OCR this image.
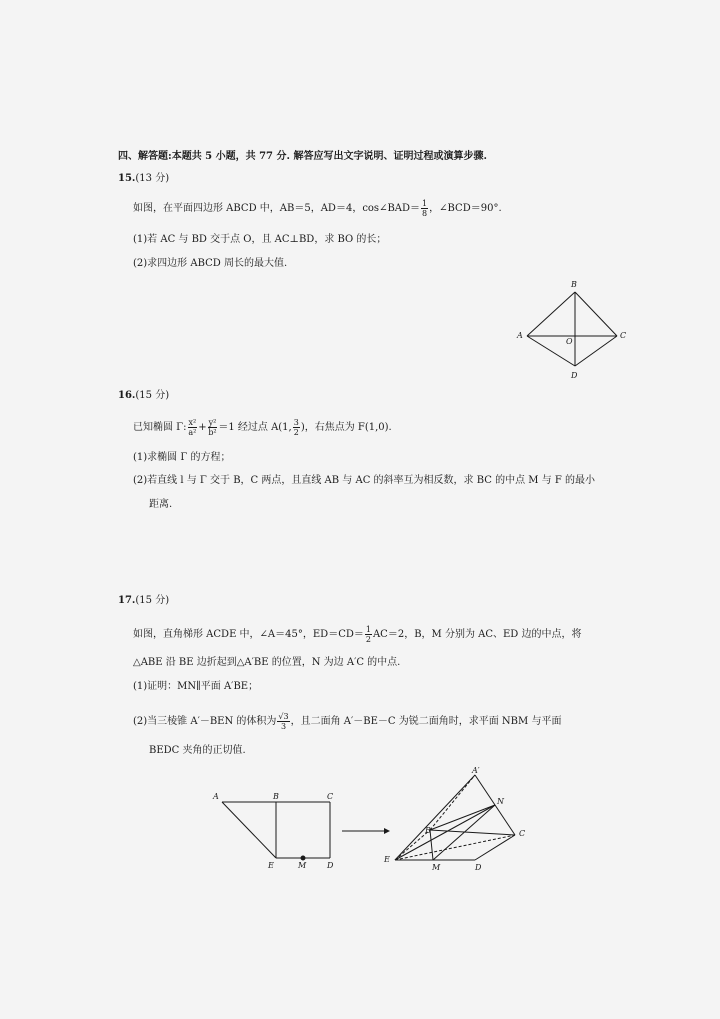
四、解答题:本题共 5 小题，共 77 分. 解答应写出文字说明、证明过程或演算步骤.
15.(13 分)
如图，在平面四边形 ABCD 中，AB＝5，AD＝4，cos∠BAD＝ $\frac{1}{8}$ ，∠BCD＝90°.
(1)若 AC 与 BD 交于点 O，且 AC⊥BD，求 BO 的长；
(2)求四边形 ABCD 周长的最大值.
B
A	C
O
D
16.(15 分)
已知椭圆 Γ: $\frac{\text{x²}}{\text{a²}} + \frac{\text{y²}}{\text{b²}} =1$ 经过点 A(1, $\frac{3}{2}$ )，右焦点为 F(1,0).
(1)求椭圆 Γ 的方程；
(2)若直线 l 与 Γ 交于 B，C 两点，且直线 AB 与 AC 的斜率互为相反数，求 BC 的中点 M 与 F 的最小
距离.
17.(15 分)
如图，直角梯形 ACDE 中，∠A＝45°，$ED=CD= \frac{1}{2} AC=2$，B，M 分别为 AC、ED 边的中点，将
△ABE 沿 BE 边折起到△A′BE 的位置，N 为边 A′C 的中点.
(1)证明：MN∥平面 A′BE；
(2)当三棱锥 A′－BEN 的体积为 $\frac{√3}{3}$ ，且二面角 A′－BE－C 为锐二面角时，求平面 NBM 与平面
BEDC 夹角的正切值.
A	B	C
E	M	D
A′
N
B	C
E
M	D
